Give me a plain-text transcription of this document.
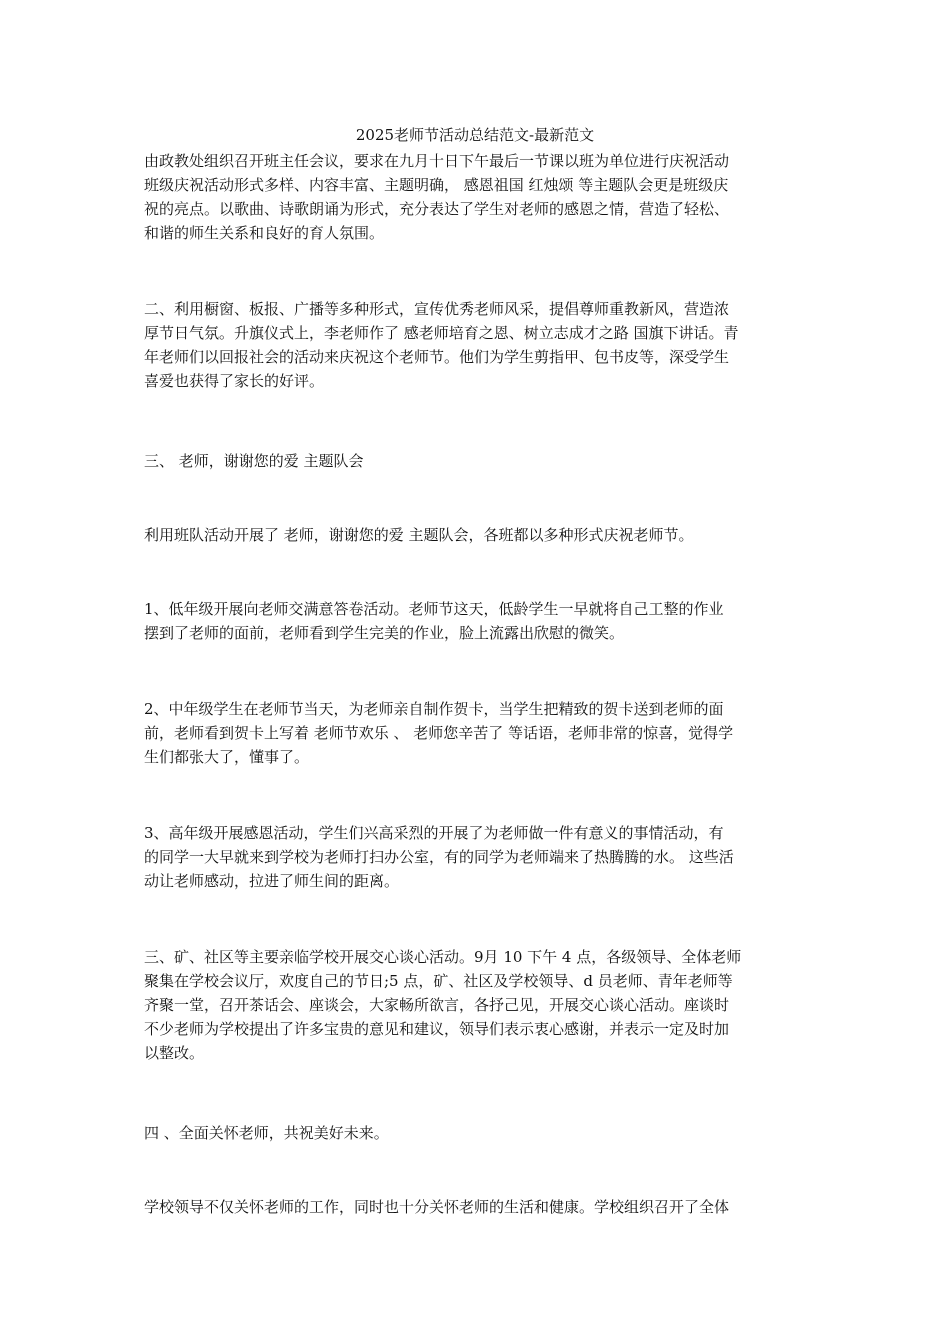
2025老师节活动总结范文-最新范文
由政教处组织召开班主任会议，要求在九月十日下午最后一节课以班为单位进行庆祝活动
班级庆祝活动形式多样、内容丰富、主题明确， 感恩祖国 红烛颂 等主题队会更是班级庆
祝的亮点。以歌曲、诗歌朗诵为形式，充分表达了学生对老师的感恩之情，营造了轻松、
和谐的师生关系和良好的育人氛围。
二、利用橱窗、板报、广播等多种形式，宣传优秀老师风采，提倡尊师重教新风，营造浓
厚节日气氛。升旗仪式上，李老师作了 感老师培育之恩、树立志成才之路 国旗下讲话。青
年老师们以回报社会的活动来庆祝这个老师节。他们为学生剪指甲、包书皮等，深受学生
喜爱也获得了家长的好评。
三、 老师，谢谢您的爱 主题队会
利用班队活动开展了 老师，谢谢您的爱 主题队会，各班都以多种形式庆祝老师节。
1、低年级开展向老师交满意答卷活动。老师节这天，低龄学生一早就将自己工整的作业
摆到了老师的面前，老师看到学生完美的作业，脸上流露出欣慰的微笑。
2、中年级学生在老师节当天，为老师亲自制作贺卡，当学生把精致的贺卡送到老师的面
前，老师看到贺卡上写着 老师节欢乐 、 老师您辛苦了 等话语，老师非常的惊喜，觉得学
生们都张大了，懂事了。
3、高年级开展感恩活动，学生们兴高采烈的开展了为老师做一件有意义的事情活动，有
的同学一大早就来到学校为老师打扫办公室，有的同学为老师端来了热腾腾的水。 这些活
动让老师感动，拉进了师生间的距离。
三、矿、社区等主要亲临学校开展交心谈心活动。9月 10 下午 4 点，各级领导、全体老师
聚集在学校会议厅，欢度自己的节日;5 点，矿、社区及学校领导、d 员老师、青年老师等
齐聚一堂，召开茶话会、座谈会，大家畅所欲言，各抒己见，开展交心谈心活动。座谈时
不少老师为学校提出了许多宝贵的意见和建议，领导们表示衷心感谢，并表示一定及时加
以整改。
四 、全面关怀老师，共祝美好未来。
学校领导不仅关怀老师的工作，同时也十分关怀老师的生活和健康。学校组织召开了全体
